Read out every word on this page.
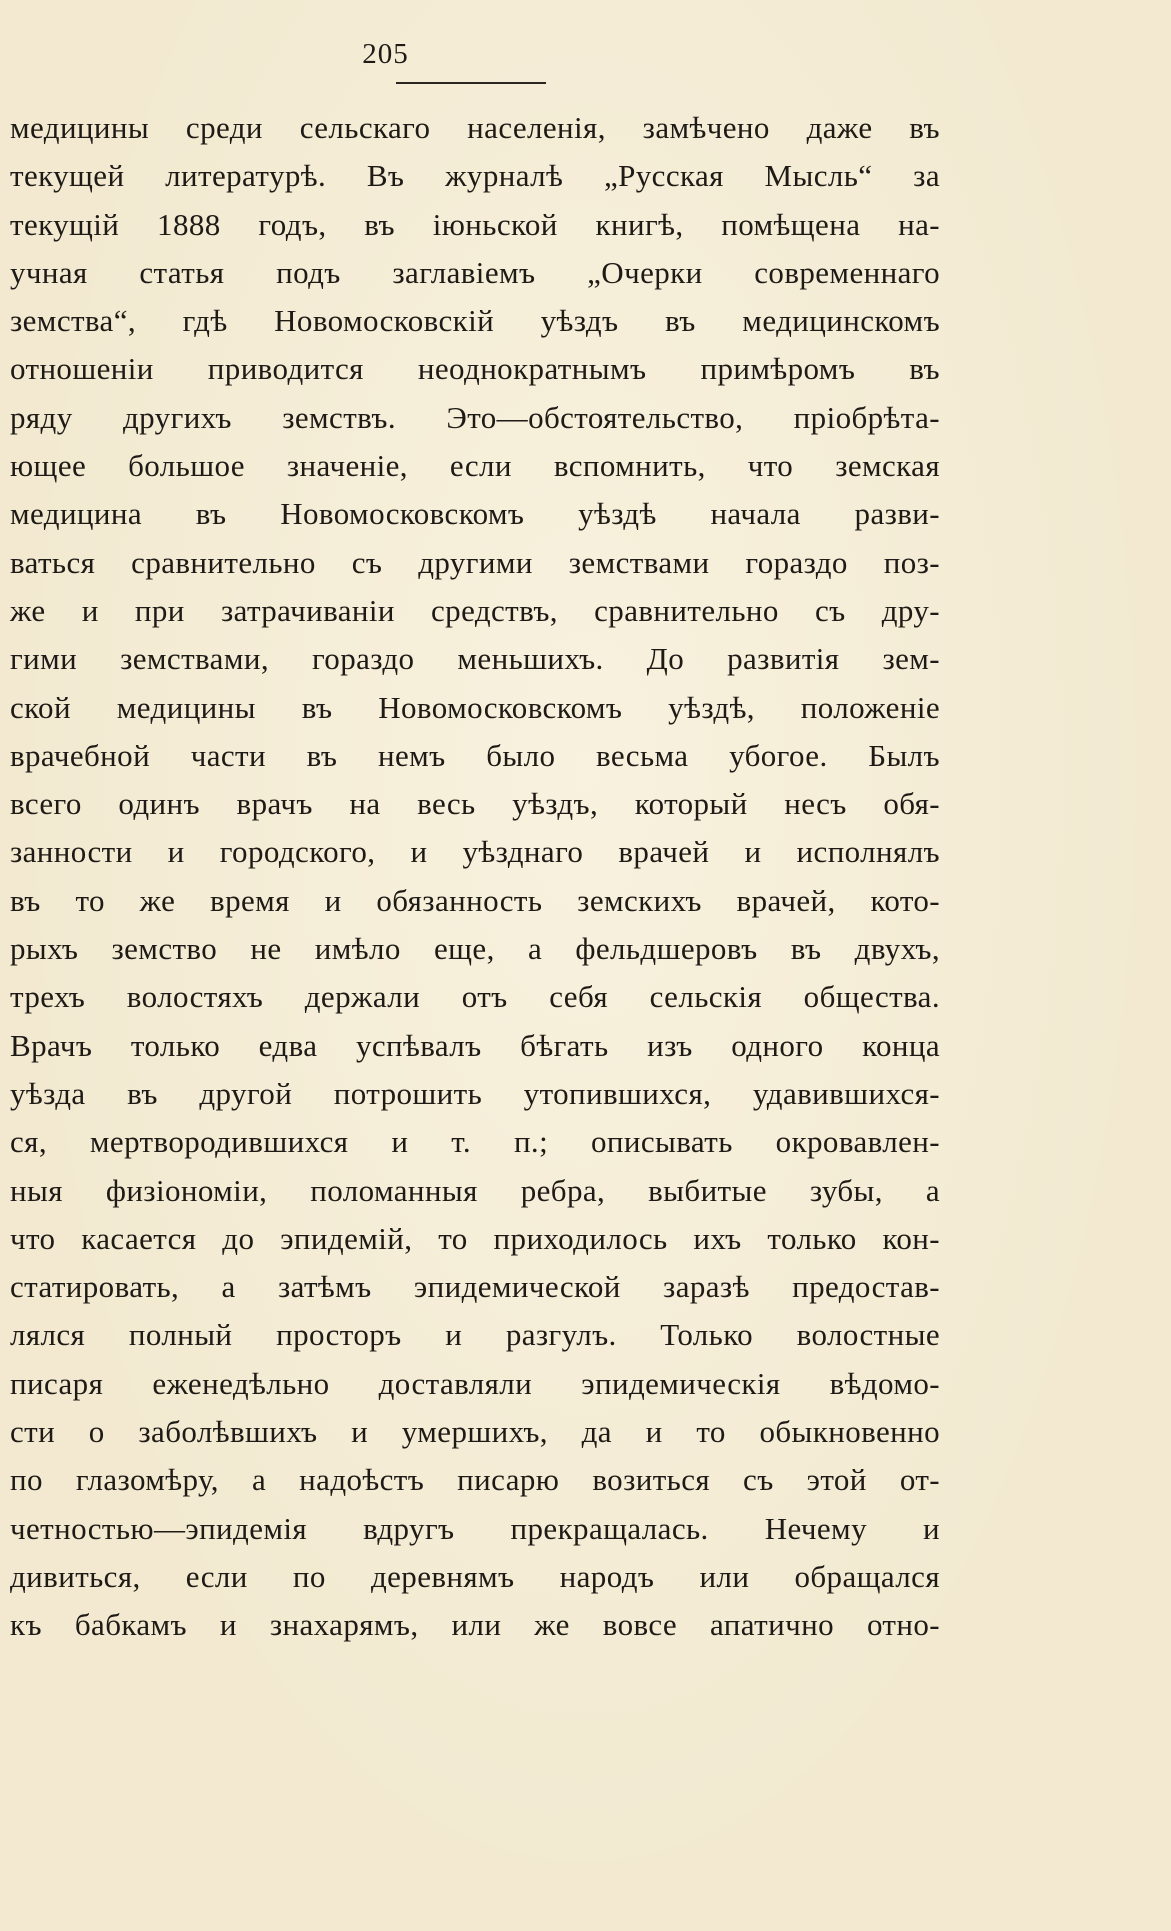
205
медицины среди сельскаго населенія, замѣчено даже въ
текущей литературѣ. Въ журналѣ „Русская Мысль“ за
текущій 1888 годъ, въ іюньской книгѣ, помѣщена на-
учная статья подъ заглавіемъ „Очерки современнаго
земства“, гдѣ Новомосковскій уѣздъ въ медицинскомъ
отношеніи приводится неоднократнымъ примѣромъ въ
ряду другихъ земствъ. Это—обстоятельство, пріобрѣта-
ющее большое значеніе, если вспомнить, что земская
медицина въ Новомосковскомъ уѣздѣ начала разви-
ваться сравнительно съ другими земствами гораздо поз-
же и при затрачиваніи средствъ, сравнительно съ дру-
гими земствами, гораздо меньшихъ. До развитія зем-
ской медицины въ Новомосковскомъ уѣздѣ, положеніе
врачебной части въ немъ было весьма убогое. Былъ
всего одинъ врачъ на весь уѣздъ, который несъ обя-
занности и городского, и уѣзднаго врачей и исполнялъ
въ то же время и обязанность земскихъ врачей, кото-
рыхъ земство не имѣло еще, а фельдшеровъ въ двухъ,
трехъ волостяхъ держали отъ себя сельскія общества.
Врачъ только едва успѣвалъ бѣгать изъ одного конца
уѣзда въ другой потрошить утопившихся, удавившихся-
ся, мертвородившихся и т. п.; описывать окровавлен-
ныя физіономіи, поломанныя ребра, выбитые зубы, а
что касается до эпидемій, то приходилось ихъ только кон-
статировать, а затѣмъ эпидемической заразѣ предостав-
лялся полный просторъ и разгулъ. Только волостные
писаря еженедѣльно доставляли эпидемическія вѣдомо-
сти о заболѣвшихъ и умершихъ, да и то обыкновенно
по глазомѣру, а надоѣстъ писарю возиться съ этой от-
четностью—эпидемія вдругъ прекращалась. Нечему и
дивиться, если по деревнямъ народъ или обращался
къ бабкамъ и знахарямъ, или же вовсе апатично отно-
